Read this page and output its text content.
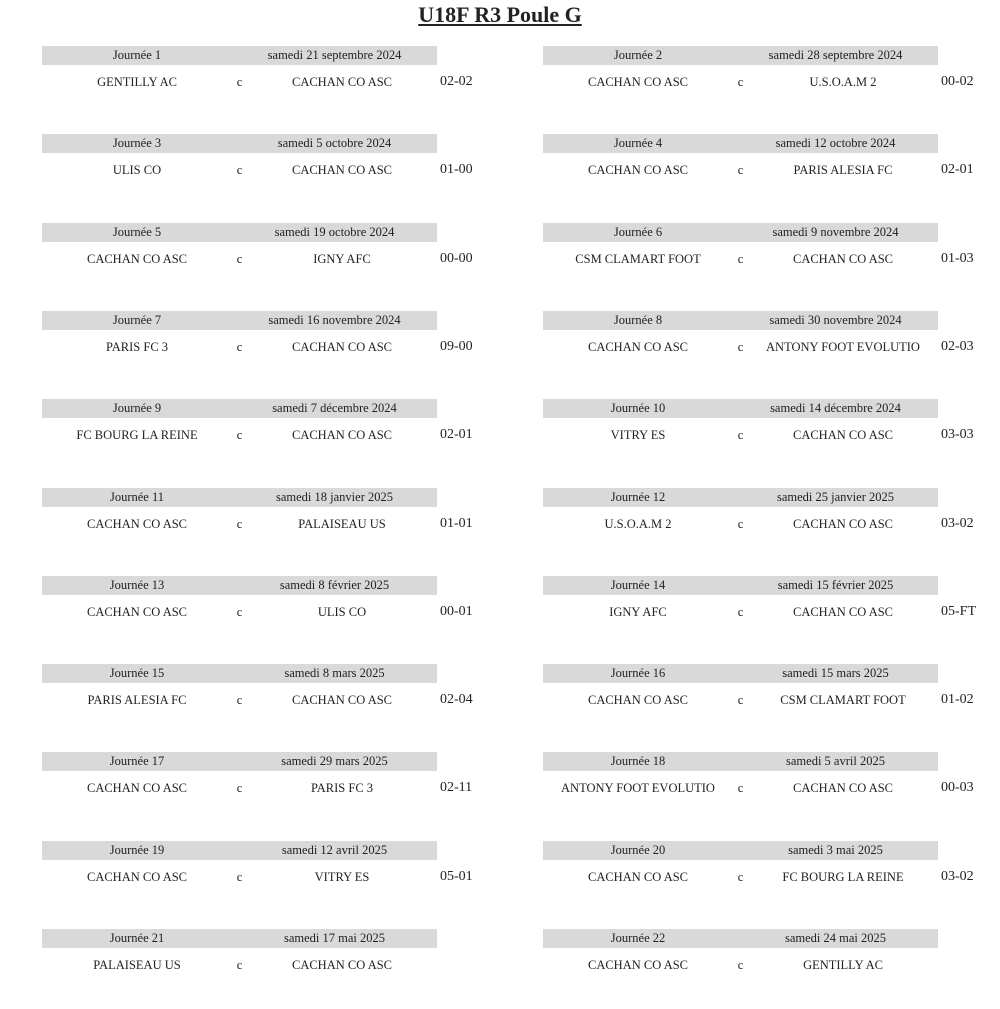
U18F R3 Poule G
Journée 1	samedi 21 septembre 2024
GENTILLY AC	c	CACHAN CO ASC	02-02
Journée 2	samedi 28 septembre 2024
CACHAN CO ASC	c	U.S.O.A.M 2	00-02
Journée 3	samedi 5 octobre 2024
ULIS CO	c	CACHAN CO ASC	01-00
Journée 4	samedi 12 octobre 2024
CACHAN CO ASC	c	PARIS ALESIA FC	02-01
Journée 5	samedi 19 octobre 2024
CACHAN CO ASC	c	IGNY AFC	00-00
Journée 6	samedi 9 novembre 2024
CSM CLAMART FOOT	c	CACHAN CO ASC	01-03
Journée 7	samedi 16 novembre 2024
PARIS FC 3	c	CACHAN CO ASC	09-00
Journée 8	samedi 30 novembre 2024
CACHAN CO ASC	c	ANTONY FOOT EVOLUTIO	02-03
Journée 9	samedi 7 décembre 2024
FC BOURG LA REINE	c	CACHAN CO ASC	02-01
Journée 10	samedi 14 décembre 2024
VITRY ES	c	CACHAN CO ASC	03-03
Journée 11	samedi 18 janvier 2025
CACHAN CO ASC	c	PALAISEAU US	01-01
Journée 12	samedi 25 janvier 2025
U.S.O.A.M 2	c	CACHAN CO ASC	03-02
Journée 13	samedi 8 février 2025
CACHAN CO ASC	c	ULIS CO	00-01
Journée 14	samedi 15 février 2025
IGNY AFC	c	CACHAN CO ASC	05-FT
Journée 15	samedi 8 mars 2025
PARIS ALESIA FC	c	CACHAN CO ASC	02-04
Journée 16	samedi 15 mars 2025
CACHAN CO ASC	c	CSM CLAMART FOOT	01-02
Journée 17	samedi 29 mars 2025
CACHAN CO ASC	c	PARIS FC 3	02-11
Journée 18	samedi 5 avril 2025
ANTONY FOOT EVOLUTIO	c	CACHAN CO ASC	00-03
Journée 19	samedi 12 avril 2025
CACHAN CO ASC	c	VITRY ES	05-01
Journée 20	samedi 3 mai 2025
CACHAN CO ASC	c	FC BOURG LA REINE	03-02
Journée 21	samedi 17 mai 2025
PALAISEAU US	c	CACHAN CO ASC
Journée 22	samedi 24 mai 2025
CACHAN CO ASC	c	GENTILLY AC
